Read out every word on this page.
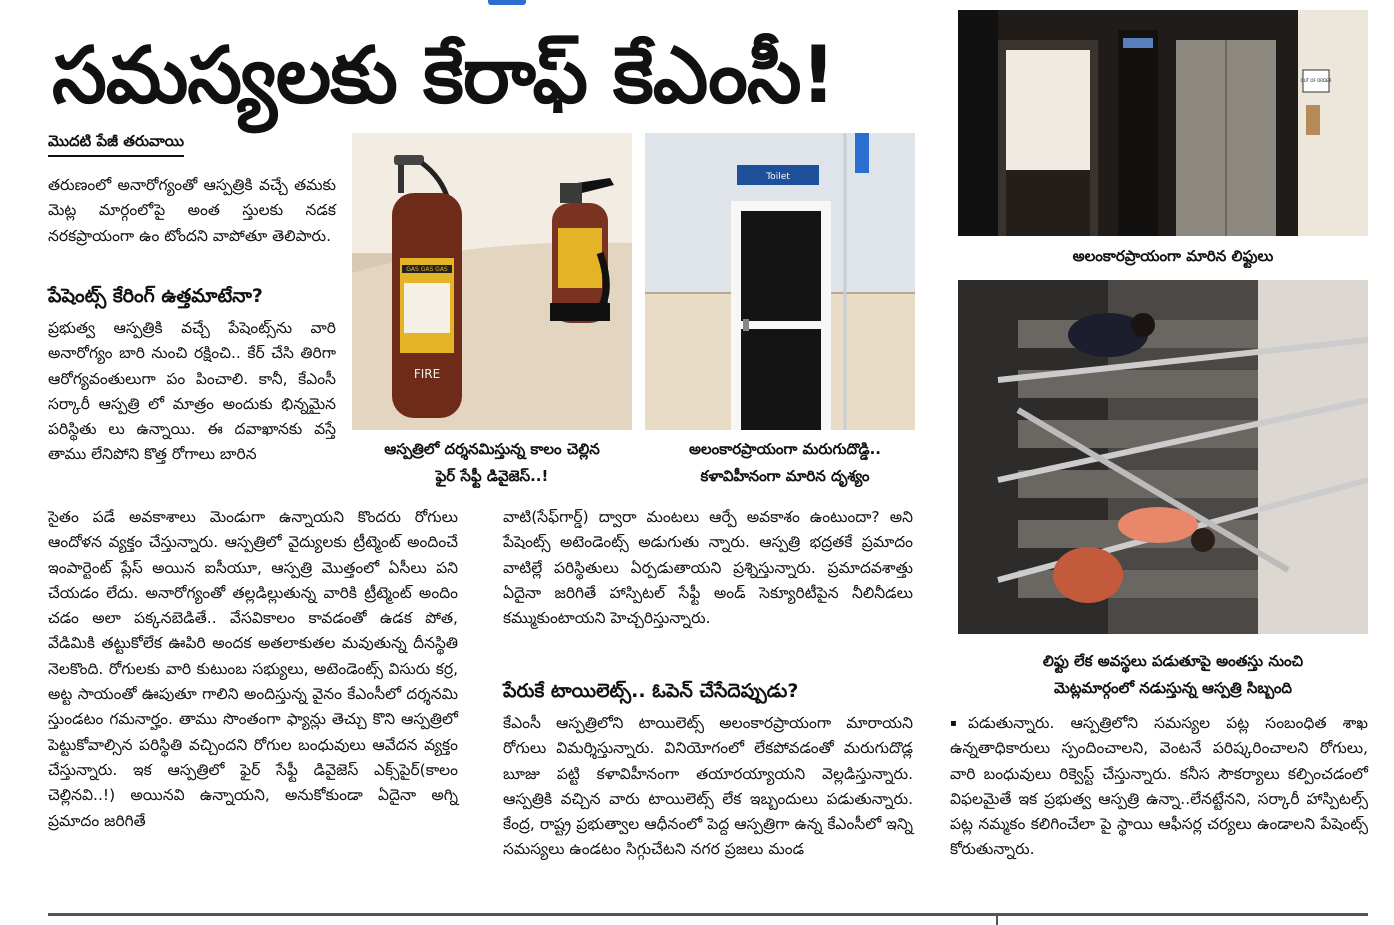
సమస్యలకు కేరాఫ్ కేఎంసీ!
మొదటి పేజీ తరువాయి
తరుణంలో అనారోగ్యంతో ఆస్పత్రికి వచ్చే తమకు మెట్ల మార్గంలోపై అంత స్తులకు నడక నరకప్రాయంగా ఉం టోందని వాపోతూ తెలిపారు.
పేషెంట్స్ కేరింగ్ ఉత్తమాటేనా?
ప్రభుత్వ ఆస్పత్రికి వచ్చే పేషెంట్స్‌ను వారి అనారోగ్యం బారి నుంచి రక్షించి.. కేర్ చేసి తిరిగా ఆరోగ్యవంతులుగా పం పించాలి. కానీ, కేఎంసీ సర్కారీ ఆస్పత్రి లో మాత్రం అందుకు భిన్నమైన పరిస్థితు లు ఉన్నాయి. ఈ దవాఖానకు వస్తే తాము లేనిపోని కొత్త రోగాలు బారిన
సైతం పడే అవకాశాలు మెండుగా ఉన్నాయని కొందరు రోగులు ఆందోళన వ్యక్తం చేస్తున్నారు. ఆస్పత్రిలో వైద్యులకు ట్రీట్మెంట్ అందించే ఇంపార్టెంట్ ప్లేస్ అయిన ఐసీయూ, ఆస్పత్రి మొత్తంలో ఏసీలు పని చేయడం లేదు. అనారోగ్యంతో తల్లడిల్లుతున్న వారికి ట్రీట్మెంట్ అందిం చడం అలా పక్కనబెడితే.. వేసవికాలం కావడంతో ఉడక పోత, వేడిమికి తట్టుకోలేక ఊపిరి అందక అతలాకుతల మవుతున్న దీనస్థితి నెలకొంది. రోగులకు వారి కుటుంబ సభ్యులు, అటెండెంట్స్ విసురు కర్ర, అట్ట సాయంతో ఊపుతూ గాలిని అందిస్తున్న వైనం కేఎంసీలో దర్శనమి స్తుండటం గమనార్హం. తాము సొంతంగా ఫ్యాన్లు తెచ్చు కొని ఆస్పత్రిలో పెట్టుకోవాల్సిన పరిస్థితి వచ్చిందని రోగుల బంధువులు ఆవేదన వ్యక్తం చేస్తున్నారు. ఇక ఆస్పత్రిలో ఫైర్ సేఫ్టీ డివైజెస్ ఎక్స్‌పైర్(కాలం చెల్లినవి..!) అయినవి ఉన్నాయని, అనుకోకుండా ఏదైనా అగ్ని ప్రమాదం జరిగితే
GAS GAS GAS
FIRE
Toilet
ఆస్పత్రిలో దర్శనమిస్తున్న కాలం చెల్లిన
ఫైర్ సేఫ్టీ డివైజెస్..!
అలంకారప్రాయంగా మరుగుదొడ్డి..
కళావిహీనంగా మారిన దృశ్యం
వాటి(సేఫ్‌గార్డ్) ద్వారా మంటలు ఆర్పే అవకాశం ఉంటుందా? అని పేషెంట్స్ అటెండెంట్స్ అడుగుతు న్నారు. ఆస్పత్రి భద్రతకే ప్రమాదం వాటిల్లే పరిస్థితులు ఏర్పడుతాయని ప్రశ్నిస్తున్నారు. ప్రమాదవశాత్తు ఏదైనా జరిగితే హాస్పిటల్ సేఫ్టీ అండ్ సెక్యూరిటీపైన నీలినీడలు కమ్ముకుంటాయని హెచ్చరిస్తున్నారు.
పేరుకే టాయిలెట్స్.. ఓపెన్ చేసేదెప్పుడు?
కేఎంసీ ఆస్పత్రిలోని టాయిలెట్స్ అలంకారప్రాయంగా మారాయని రోగులు విమర్శిస్తున్నారు. వినియోగంలో లేకపోవడంతో మరుగుదొడ్ల బూజు పట్టి కళావిహీనంగా తయారయ్యాయని వెల్లడిస్తున్నారు. ఆస్పత్రికి వచ్చిన వారు టాయిలెట్స్ లేక ఇబ్బందులు పడుతున్నారు. కేంద్ర, రాష్ట్ర ప్రభుత్వాల ఆధీనంలో పెద్ద ఆస్పత్రిగా ఉన్న కేఎంసీలో ఇన్ని సమస్యలు ఉండటం సిగ్గుచేటని నగర ప్రజలు మండ
OUT OF ORDER
అలంకారప్రాయంగా మారిన లిఫ్టులు
లిఫ్టు లేక అవస్థలు పడుతూపై అంతస్తు నుంచి
మెట్లమార్గంలో నడుస్తున్న ఆస్పత్రి సిబ్బంది
▪పడుతున్నారు. ఆస్పత్రిలోని సమస్యల పట్ల సంబంధిత శాఖ ఉన్నతాధికారులు స్పందించాలని, వెంటనే పరిష్కరించాలని రోగులు, వారి బంధువులు రిక్వెస్ట్ చేస్తున్నారు. కనీస సౌకర్యాలు కల్పించడంలో విఫలమైతే ఇక ప్రభుత్వ ఆస్పత్రి ఉన్నా..లేనట్టేనని, సర్కారీ హాస్పిటల్స్ పట్ల నమ్మకం కలిగించేలా పై స్థాయి ఆఫీసర్ల చర్యలు ఉండాలని పేషెంట్స్ కోరుతున్నారు.
